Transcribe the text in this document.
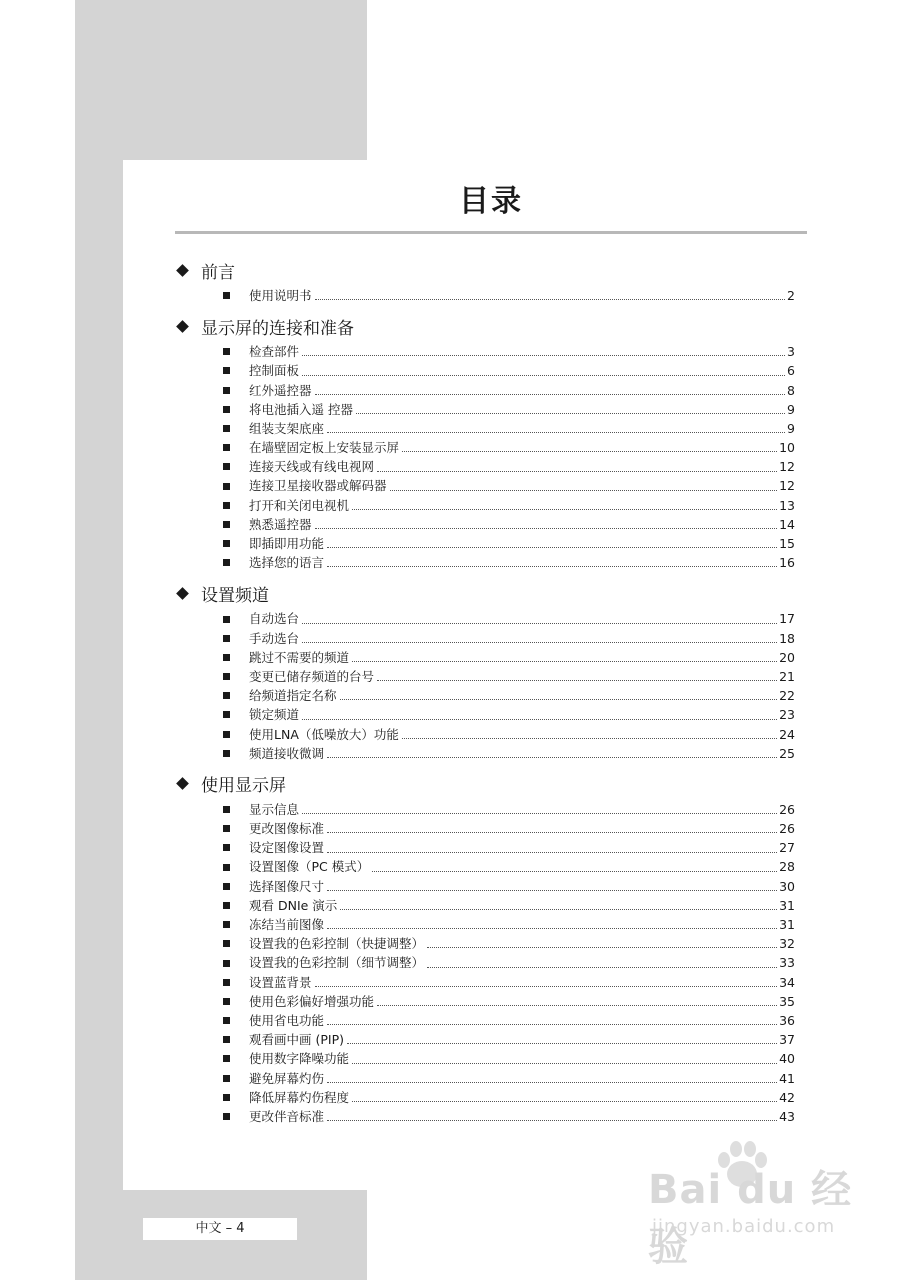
目录
前言
使用说明书	2
显示屏的连接和准备
检查部件	3
控制面板	6
红外遥控器	8
将电池插入遥 控器	9
组装支架底座	9
在墙壁固定板上安装显示屏	10
连接天线或有线电视网	12
连接卫星接收器或解码器	12
打开和关闭电视机	13
熟悉遥控器	14
即插即用功能	15
选择您的语言	16
设置频道
自动选台	17
手动选台	18
跳过不需要的频道	20
变更已储存频道的台号	21
给频道指定名称	22
锁定频道	23
使用LNA（低噪放大）功能	24
频道接收微调	25
使用显示屏
显示信息	26
更改图像标准	26
设定图像设置	27
设置图像（PC 模式）	28
选择图像尺寸	30
观看 DNIe 演示	31
冻结当前图像	31
设置我的色彩控制（快捷调整）	32
设置我的色彩控制（细节调整）	33
设置蓝背景	34
使用色彩偏好增强功能	35
使用省电功能	36
观看画中画 (PIP)	37
使用数字降噪功能	40
避免屏幕灼伤	41
降低屏幕灼伤程度	42
更改伴音标准	43
中文 – 4
Bai du 经验
jingyan.baidu.com
